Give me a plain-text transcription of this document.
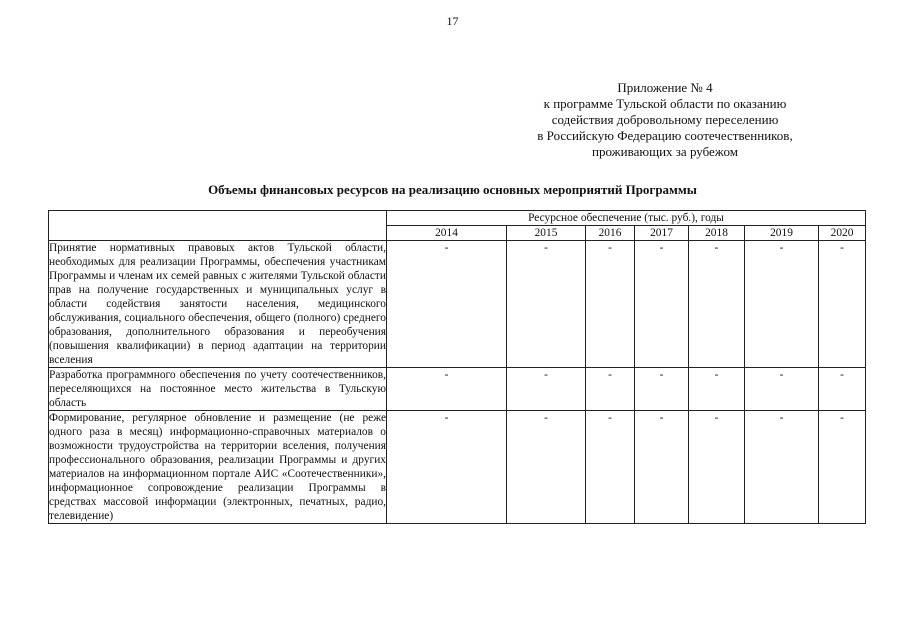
17
Приложение № 4
к программе Тульской области по оказанию
содействия добровольному переселению
в Российскую Федерацию соотечественников,
проживающих за рубежом
Объемы финансовых ресурсов на реализацию основных мероприятий Программы
	Ресурсное обеспечение (тыс. руб.), годы						
	2014	2015	2016	2017	2018	2019	2020
Принятие нормативных правовых актов Тульской области, необходимых для реализации Программы, обеспечения участникам Программы и членам их семей равных с жителями Тульской области прав на получение государственных и муниципальных услуг в области содействия занятости населения, медицинского обслуживания, социального обеспечения, общего (полного) среднего образования, дополнительного образования и переобучения (повышения квалификации) в период адаптации на территории вселения	-	-	-	-	-	-	-
Разработка программного обеспечения по учету соотечественников, переселяющихся на постоянное место жительства в Тульскую область	-	-	-	-	-	-	-
Формирование, регулярное обновление и размещение (не реже одного раза в месяц) информационно-справочных материалов о возможности трудоустройства на территории вселения, получения профессионального образования, реализации Программы и других материалов на информационном портале АИС «Соотечественники», информационное сопровождение реализации Программы в средствах массовой информации (электронных, печатных, радио, телевидение)	-	-	-	-	-	-	-
